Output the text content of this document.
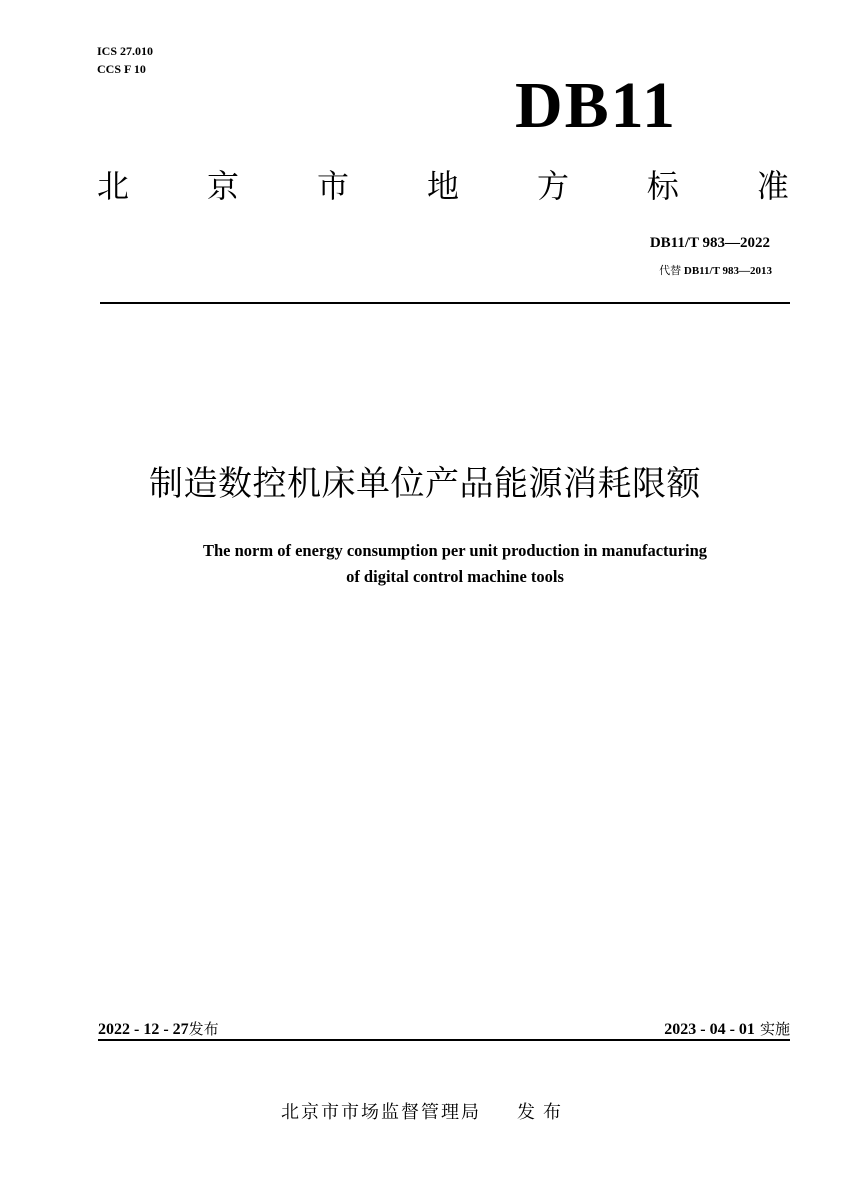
ICS 27.010
CCS F 10	DB11
北 京 市 地 方 标 准
DB11/T 983—2022
代替 DB11/T 983—2013
制造数控机床单位产品能源消耗限额
The norm of energy consumption per unit production in manufacturing
of digital control machine tools
2022 - 12 - 27发布	2023 - 04 - 01 实施
北京市市场监督管理局 发布
